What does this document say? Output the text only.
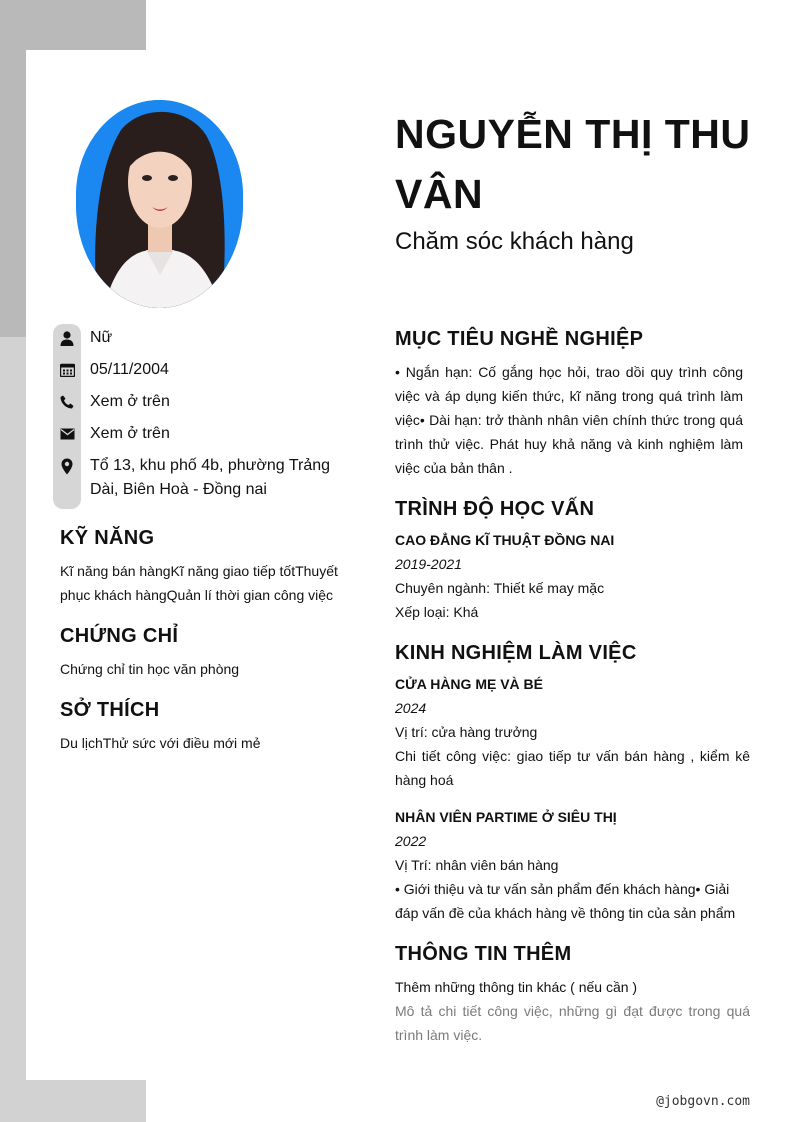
NGUYỄN THỊ THU VÂN
Chăm sóc khách hàng
Nữ
05/11/2004
Xem ở trên
Xem ở trên
Tổ 13, khu phố 4b, phường Trảng Dài, Biên Hoà - Đồng nai
KỸ NĂNG

Kĩ năng bán hàngKĩ năng giao tiếp tốtThuyết phục khách hàngQuản lí thời gian công việc

CHỨNG CHỈ

Chứng chỉ tin học văn phòng

SỞ THÍCH

Du lịchThử sức với điều mới mẻ

MỤC TIÊU NGHỀ NGHIỆP

• Ngắn hạn: Cố gắng học hỏi, trao dồi quy trình công việc và áp dụng kiến thức, kĩ năng trong quá trình làm việc• Dài hạn: trở thành nhân viên chính thức trong quá trình thử việc. Phát huy khả năng và kinh nghiệm làm việc của bản thân .

TRÌNH ĐỘ HỌC VẤN

CAO ĐẲNG KĨ THUẬT ĐỒNG NAI

2019-2021

Chuyên ngành: Thiết kế may mặc

Xếp loại: Khá

KINH NGHIỆM LÀM VIỆC

CỬA HÀNG MẸ VÀ BÉ

2024

Vị trí: cửa hàng trưởng

Chi tiết công việc: giao tiếp tư vấn bán hàng , kiểm kê hàng hoá

NHÂN VIÊN PARTIME Ở SIÊU THỊ

2022

Vị Trí: nhân viên bán hàng

• Giới thiệu và tư vấn sản phẩm đến khách hàng• Giải đáp vấn đề của khách hàng về thông tin của sản phẩm

THÔNG TIN THÊM

Thêm những thông tin khác ( nếu cần )

Mô tả chi tiết công việc, những gì đạt được trong quá trình làm việc.

@jobgovn.com
